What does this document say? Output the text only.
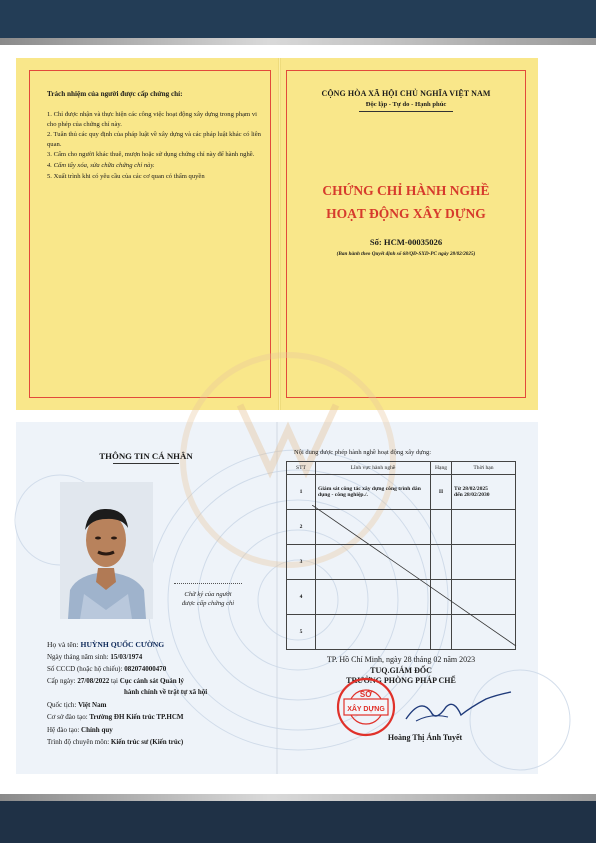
Trách nhiệm của người được cấp chứng chỉ:
1. Chỉ được nhận và thực hiện các công việc hoạt động xây dựng trong phạm vi cho phép của chứng chỉ này.
2. Tuân thủ các quy định của pháp luật về xây dựng và các pháp luật khác có liên quan.
3. Cấm cho người khác thuê, mượn hoặc sử dụng chứng chỉ này để hành nghề.
4. Cấm tẩy xóa, sửa chữa chứng chỉ này.
5. Xuất trình khi có yêu cầu của các cơ quan có thẩm quyền
CỘNG HÒA XÃ HỘI CHỦ NGHĨA VIỆT NAM
Độc lập - Tự do - Hạnh phúc
CHỨNG CHỈ HÀNH NGHỀ
HOẠT ĐỘNG XÂY DỰNG
Số: HCM-00035026
(Ban hành theo Quyết định số 68/QĐ-SXD-PC ngày 28/02/2025)
THÔNG TIN CÁ NHÂN
Chữ ký của người
được cấp chứng chỉ
Họ và tên: HUỲNH QUỐC CƯỜNG
Ngày tháng năm sinh: 15/03/1974
Số CCCD (hoặc hộ chiếu): 082074000470
Cấp ngày: 27/08/2022 tại Cục cảnh sát Quản lý
hành chính về trật tự xã hội
Quốc tịch: Việt Nam
Cơ sở đào tạo: Trường ĐH Kiến trúc TP.HCM
Hệ đào tạo: Chính quy
Trình độ chuyên môn: Kiến trúc sư (Kiến trúc)
Nội dung được phép hành nghề hoạt động xây dựng:
STT	Lĩnh vực hành nghề	Hạng	Thời hạn
1	Giám sát công tác xây dựng công trình dân dụng - công nghiệp./.	II	Từ 28/02/2025
đến 28/02/2030

2			
3			
4			
5			
TP. Hồ Chí Minh, ngày 28 tháng 02 năm 2023
TUQ.GIÁM ĐỐC
TRƯỞNG PHÒNG PHÁP CHẾ
SỞ
XÂY DỰNG
Hoàng Thị Ánh Tuyết
